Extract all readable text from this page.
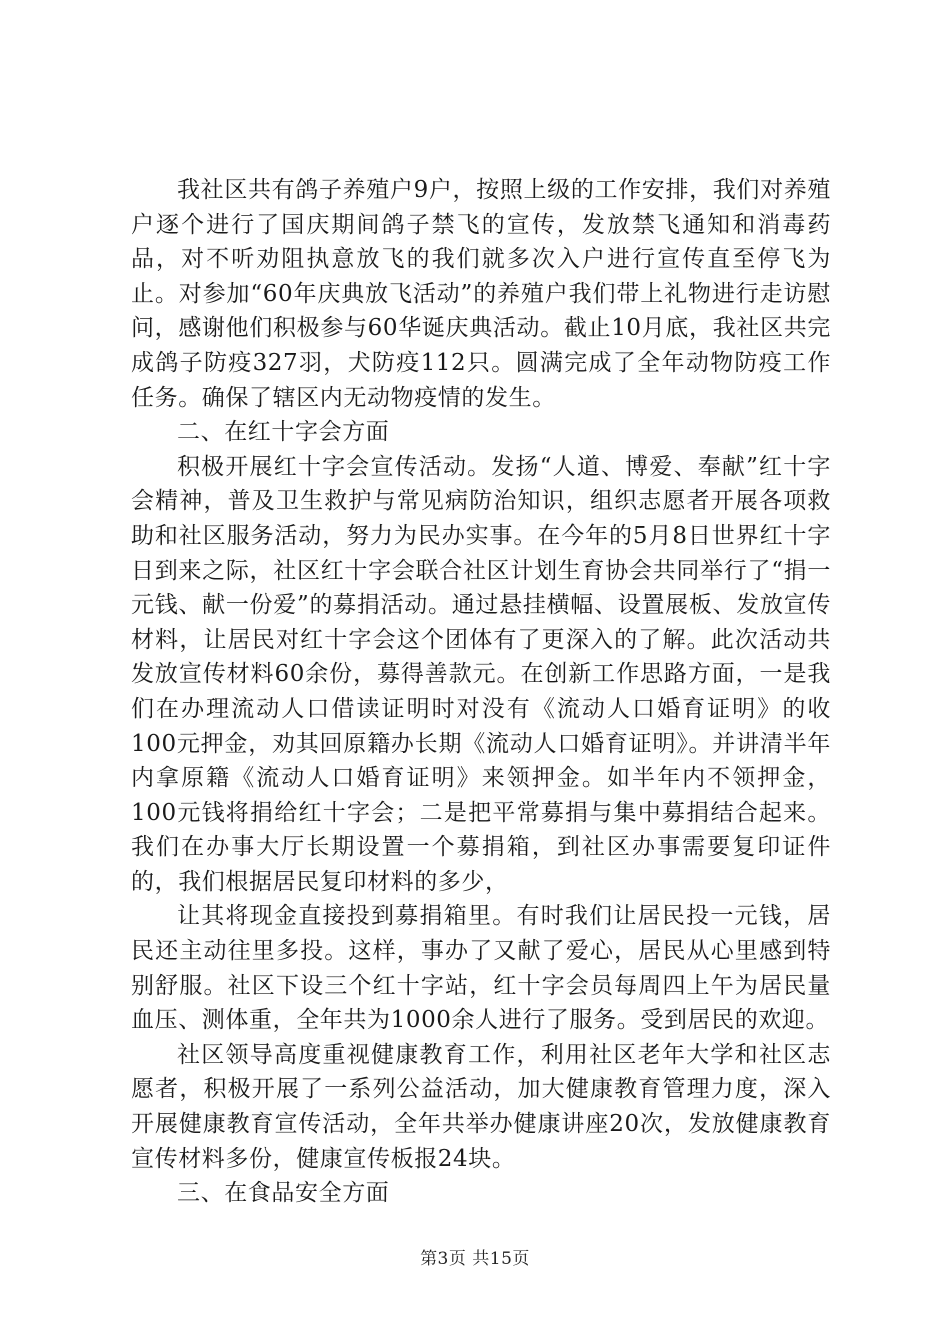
我社区共有鸽子养殖户9户，按照上级的工作安排，我们对养殖户逐个进行了国庆期间鸽子禁飞的宣传，发放禁飞通知和消毒药品，对不听劝阻执意放飞的我们就多次入户进行宣传直至停飞为止。对参加“60年庆典放飞活动”的养殖户我们带上礼物进行走访慰问，感谢他们积极参与60华诞庆典活动。截止10月底，我社区共完成鸽子防疫327羽，犬防疫112只。圆满完成了全年动物防疫工作任务。确保了辖区内无动物疫情的发生。

二、在红十字会方面

积极开展红十字会宣传活动。发扬“人道、博爱、奉献”红十字会精神，普及卫生救护与常见病防治知识，组织志愿者开展各项救助和社区服务活动，努力为民办实事。在今年的5月8日世界红十字日到来之际，社区红十字会联合社区计划生育协会共同举行了“捐一元钱、献一份爱”的募捐活动。通过悬挂横幅、设置展板、发放宣传材料，让居民对红十字会这个团体有了更深入的了解。此次活动共发放宣传材料60余份，募得善款元。在创新工作思路方面，一是我们在办理流动人口借读证明时对没有《流动人口婚育证明》的收100元押金，劝其回原籍办长期《流动人口婚育证明》。并讲清半年内拿原籍《流动人口婚育证明》来领押金。如半年内不领押金，100元钱将捐给红十字会；二是把平常募捐与集中募捐结合起来。我们在办事大厅长期设置一个募捐箱，到社区办事需要复印证件的，我们根据居民复印材料的多少，

让其将现金直接投到募捐箱里。有时我们让居民投一元钱，居民还主动往里多投。这样，事办了又献了爱心，居民从心里感到特别舒服。社区下设三个红十字站，红十字会员每周四上午为居民量血压、测体重，全年共为1000余人进行了服务。受到居民的欢迎。

社区领导高度重视健康教育工作，利用社区老年大学和社区志愿者，积极开展了一系列公益活动，加大健康教育管理力度，深入开展健康教育宣传活动，全年共举办健康讲座20次，发放健康教育宣传材料多份，健康宣传板报24块。

三、在食品安全方面

第3页 共15页
